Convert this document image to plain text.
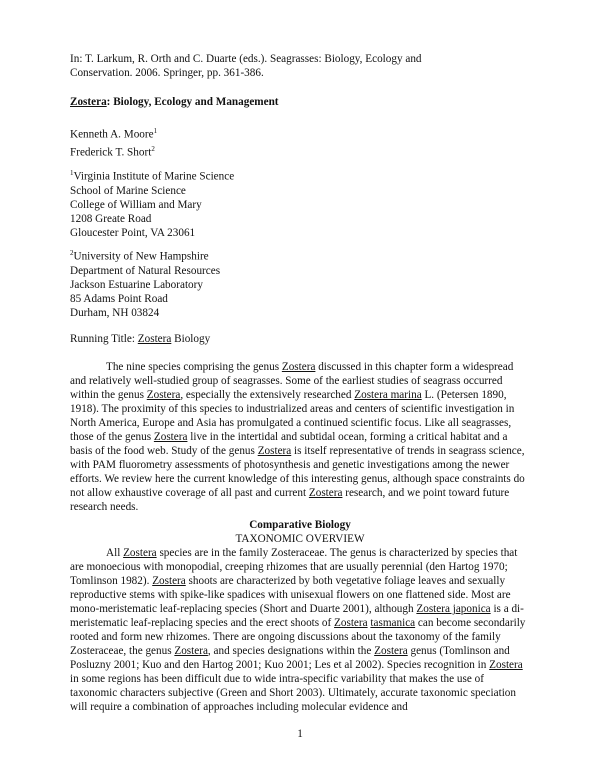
In: T. Larkum, R. Orth and C. Duarte (eds.). Seagrasses: Biology, Ecology and

Conservation. 2006. Springer, pp. 361-386.

Zostera: Biology, Ecology and Management
Kenneth A. Moore$^1$
Frederick T. Short$^2$
$^1$Virginia Institute of Marine Science
School of Marine Science
College of William and Mary
1208 Greate Road
Gloucester Point, VA 23061
$^2$University of New Hampshire
Department of Natural Resources
Jackson Estuarine Laboratory
85 Adams Point Road
Durham, NH 03824
Running Title: Zostera Biology

The nine species comprising the genus Zostera discussed in this chapter form a widespread and relatively well-studied group of seagrasses. Some of the earliest studies of seagrass occurred within the genus Zostera, especially the extensively researched Zostera marina L. (Petersen 1890, 1918). The proximity of this species to industrialized areas and centers of scientific investigation in North America, Europe and Asia has promulgated a continued scientific focus. Like all seagrasses, those of the genus Zostera live in the intertidal and subtidal ocean, forming a critical habitat and a basis of the food web. Study of the genus Zostera is itself representative of trends in seagrass science, with PAM fluorometry assessments of photosynthesis and genetic investigations among the newer efforts. We review here the current knowledge of this interesting genus, although space constraints do not allow exhaustive coverage of all past and current Zostera research, and we point toward future research needs.

Comparative Biology
TAXONOMIC OVERVIEW

All Zostera species are in the family Zosteraceae. The genus is characterized by species that are monoecious with monopodial, creeping rhizomes that are usually perennial (den Hartog 1970; Tomlinson 1982). Zostera shoots are characterized by both vegetative foliage leaves and sexually reproductive stems with spike-like spadices with unisexual flowers on one flattened side. Most are mono-meristematic leaf-replacing species (Short and Duarte 2001), although Zostera japonica is a di-meristematic leaf-replacing species and the erect shoots of Zostera tasmanica can become secondarily rooted and form new rhizomes. There are ongoing discussions about the taxonomy of the family Zosteraceae, the genus Zostera, and species designations within the Zostera genus (Tomlinson and Posluzny 2001; Kuo and den Hartog 2001; Kuo 2001; Les et al 2002). Species recognition in Zostera in some regions has been difficult due to wide intra-specific variability that makes the use of taxonomic characters subjective (Green and Short 2003). Ultimately, accurate taxonomic speciation will require a combination of approaches including molecular evidence and

1
